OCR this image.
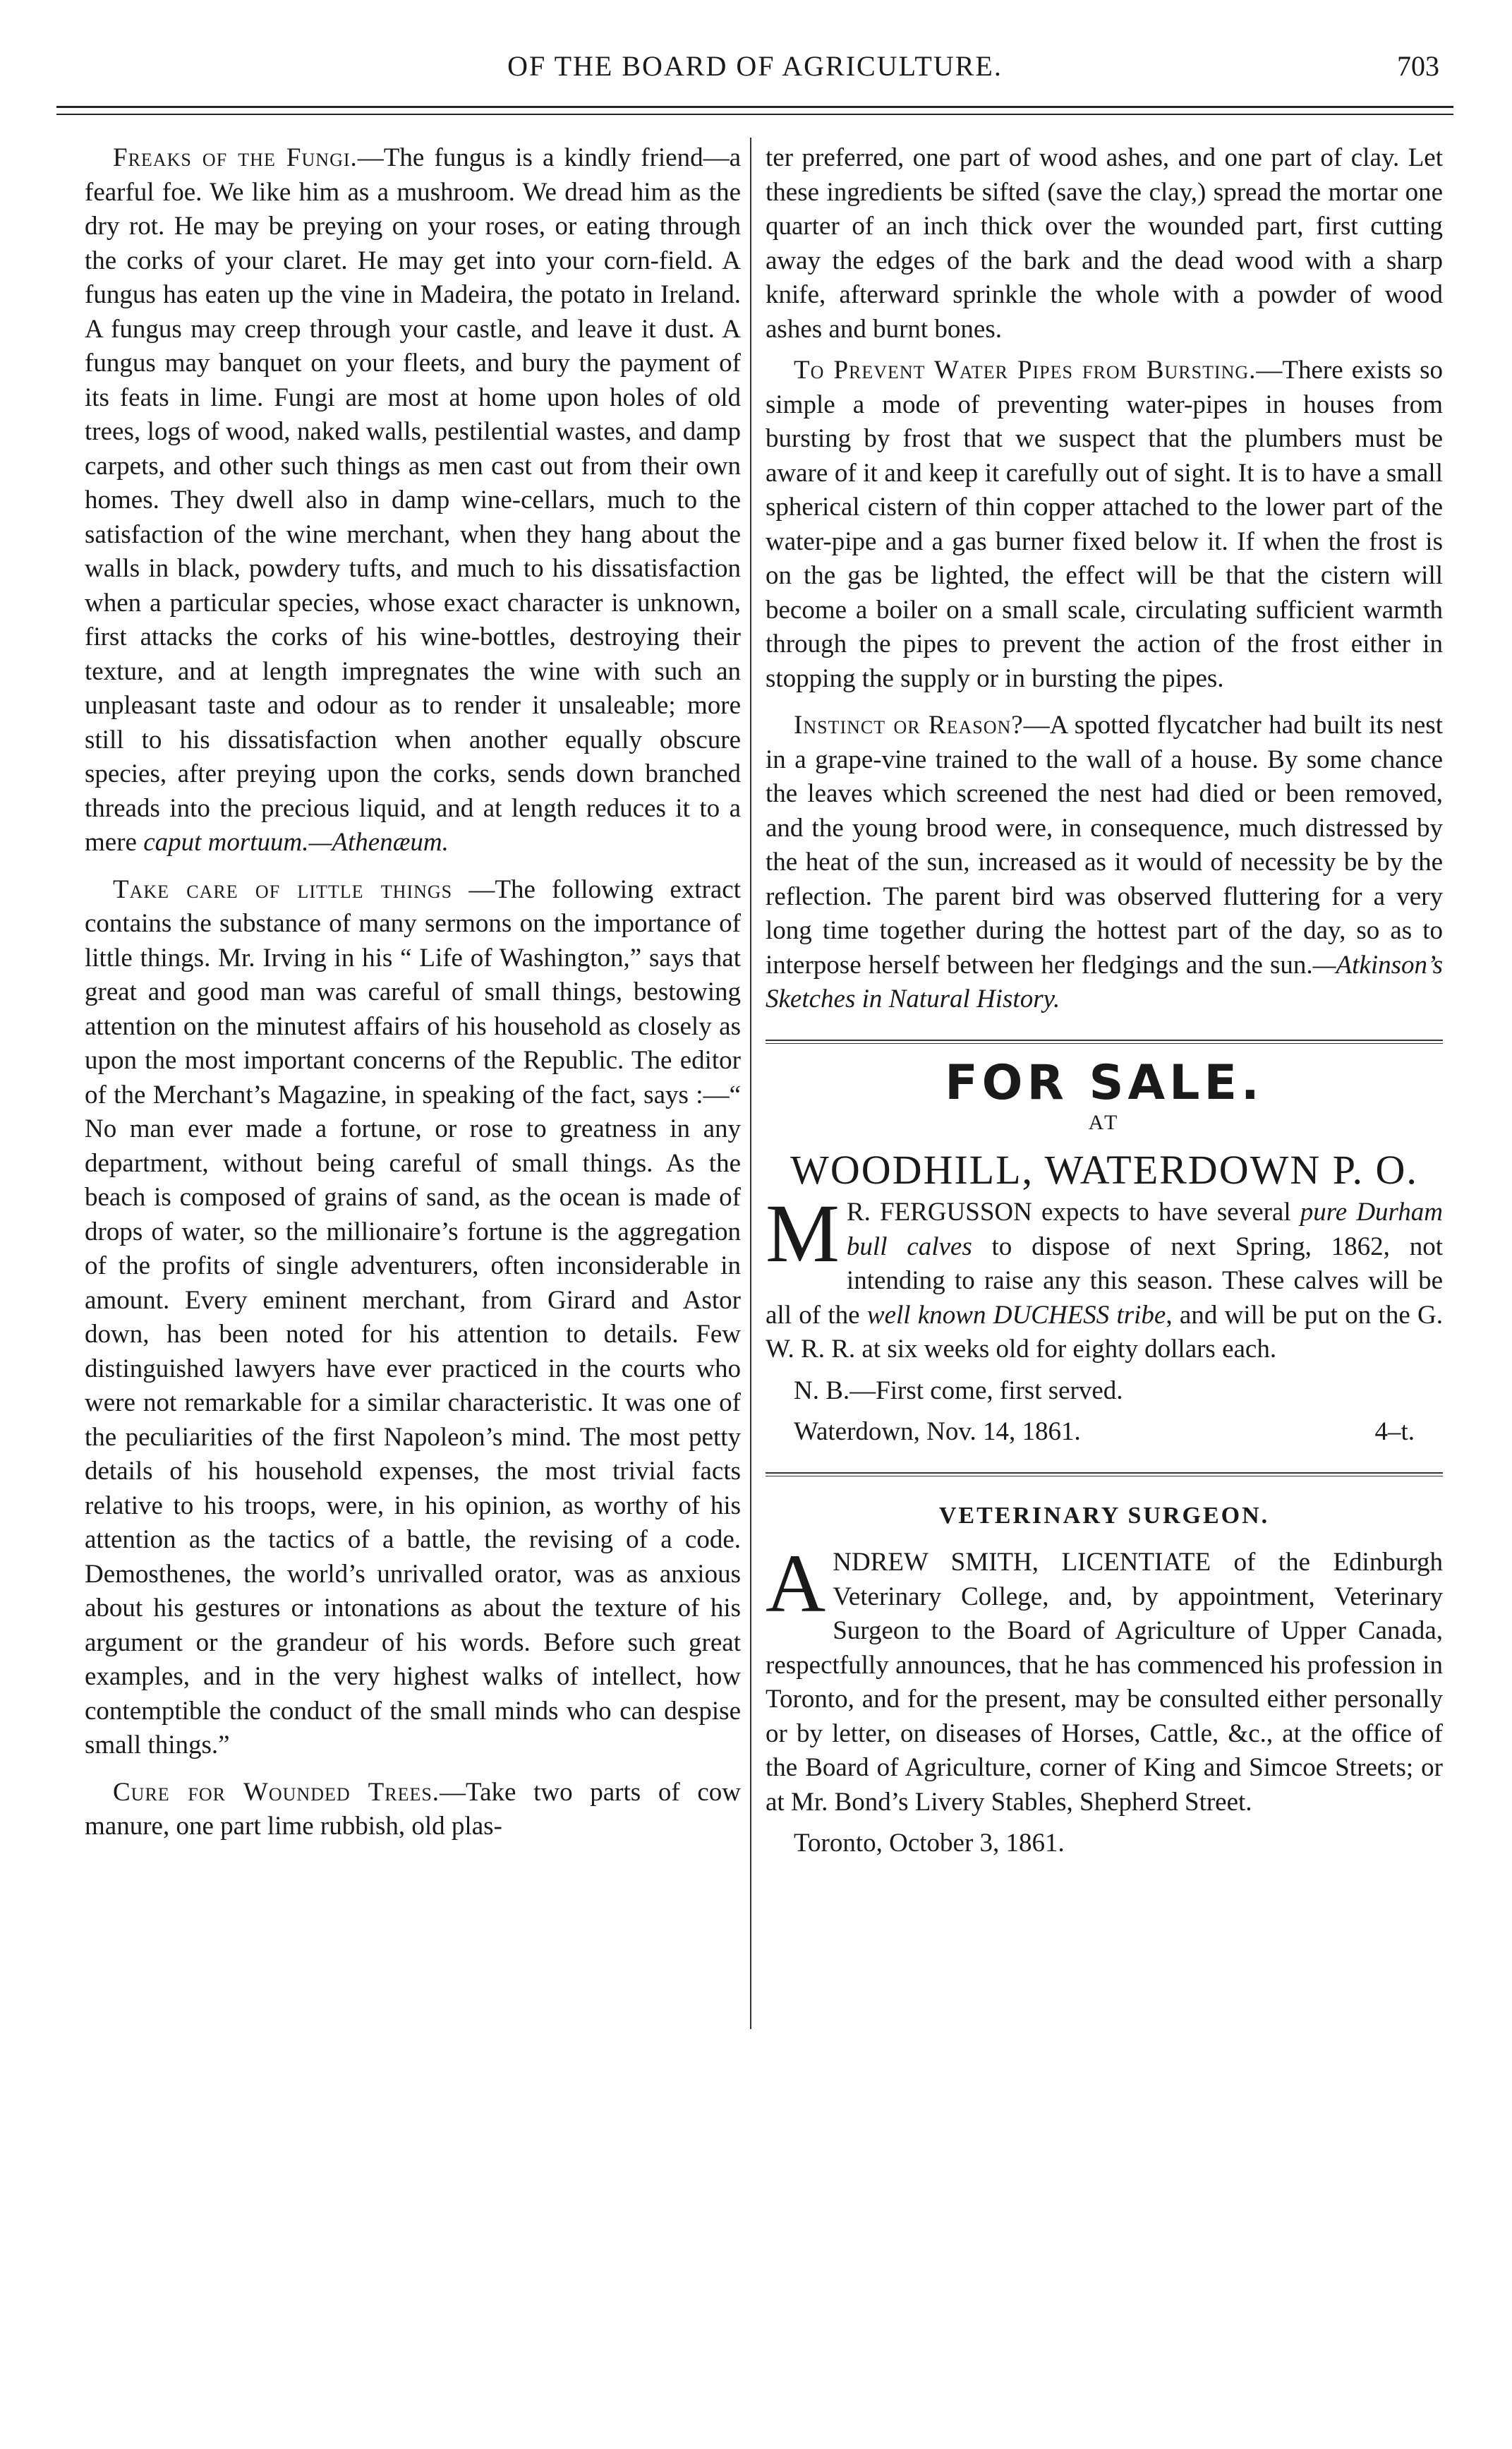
OF THE BOARD OF AGRICULTURE.	703

Freaks of the Fungi.—The fungus is a kindly friend—a fearful foe. We like him as a mushroom. We dread him as the dry rot. He may be preying on your roses, or eating through the corks of your claret. He may get into your corn-field. A fungus has eaten up the vine in Madeira, the potato in Ireland. A fungus may creep through your castle, and leave it dust. A fungus may banquet on your fleets, and bury the payment of its feats in lime. Fungi are most at home upon holes of old trees, logs of wood, naked walls, pestilential wastes, and damp carpets, and other such things as men cast out from their own homes. They dwell also in damp wine-cellars, much to the satisfaction of the wine merchant, when they hang about the walls in black, powdery tufts, and much to his dissatisfaction when a particular species, whose exact character is unknown, first attacks the corks of his wine-bottles, destroying their texture, and at length impregnates the wine with such an unpleasant taste and odour as to render it unsaleable; more still to his dissatisfaction when another equally obscure species, after preying upon the corks, sends down branched threads into the precious liquid, and at length reduces it to a mere caput mortuum.—Athenæum.

Take care of little things —The following extract contains the substance of many sermons on the importance of little things. Mr. Irving in his “ Life of Washington,” says that great and good man was careful of small things, bestowing attention on the minutest affairs of his household as closely as upon the most important concerns of the Republic. The editor of the Merchant’s Magazine, in speaking of the fact, says :—“ No man ever made a fortune, or rose to greatness in any department, without being careful of small things. As the beach is composed of grains of sand, as the ocean is made of drops of water, so the millionaire’s fortune is the aggregation of the profits of single adventurers, often inconsiderable in amount. Every eminent merchant, from Girard and Astor down, has been noted for his attention to details. Few distinguished lawyers have ever practiced in the courts who were not remarkable for a similar characteristic. It was one of the peculiarities of the first Napoleon’s mind. The most petty details of his household expenses, the most trivial facts relative to his troops, were, in his opinion, as worthy of his attention as the tactics of a battle, the revising of a code. Demosthenes, the world’s unrivalled orator, was as anxious about his gestures or intonations as about the texture of his argument or the grandeur of his words. Before such great examples, and in the very highest walks of intellect, how contemptible the conduct of the small minds who can despise small things.”

Cure for Wounded Trees.—Take two parts of cow manure, one part lime rubbish, old plas-

ter preferred, one part of wood ashes, and one part of clay. Let these ingredients be sifted (save the clay,) spread the mortar one quarter of an inch thick over the wounded part, first cutting away the edges of the bark and the dead wood with a sharp knife, afterward sprinkle the whole with a powder of wood ashes and burnt bones.

To Prevent Water Pipes from Bursting.—There exists so simple a mode of preventing water-pipes in houses from bursting by frost that we suspect that the plumbers must be aware of it and keep it carefully out of sight. It is to have a small spherical cistern of thin copper attached to the lower part of the water-pipe and a gas burner fixed below it. If when the frost is on the gas be lighted, the effect will be that the cistern will become a boiler on a small scale, circulating sufficient warmth through the pipes to prevent the action of the frost either in stopping the supply or in bursting the pipes.

Instinct or Reason?—A spotted flycatcher had built its nest in a grape-vine trained to the wall of a house. By some chance the leaves which screened the nest had died or been removed, and the young brood were, in consequence, much distressed by the heat of the sun, increased as it would of necessity be by the reflection. The parent bird was observed fluttering for a very long time together during the hottest part of the day, so as to interpose herself between her fledgings and the sun.—Atkinson’s Sketches in Natural History.

FOR SALE.
AT
WOODHILL, WATERDOWN P. O.

M R. FERGUSSON expects to have several pure Durham bull calves to dispose of next Spring, 1862, not intending to raise any this season. These calves will be all of the well known DUCHESS tribe, and will be put on the G. W. R. R. at six weeks old for eighty dollars each.

N. B.—First come, first served.

Waterdown, Nov. 14, 1861.	4–t.
VETERINARY SURGEON.

ANDREW SMITH, LICENTIATE of the Edinburgh Veterinary College, and, by appointment, Veterinary Surgeon to the Board of Agriculture of Upper Canada, respectfully announces, that he has commenced his profession in Toronto, and for the present, may be consulted either personally or by letter, on diseases of Horses, Cattle, &c., at the office of the Board of Agriculture, corner of King and Simcoe Streets; or at Mr. Bond’s Livery Stables, Shepherd Street.

Toronto, October 3, 1861.
